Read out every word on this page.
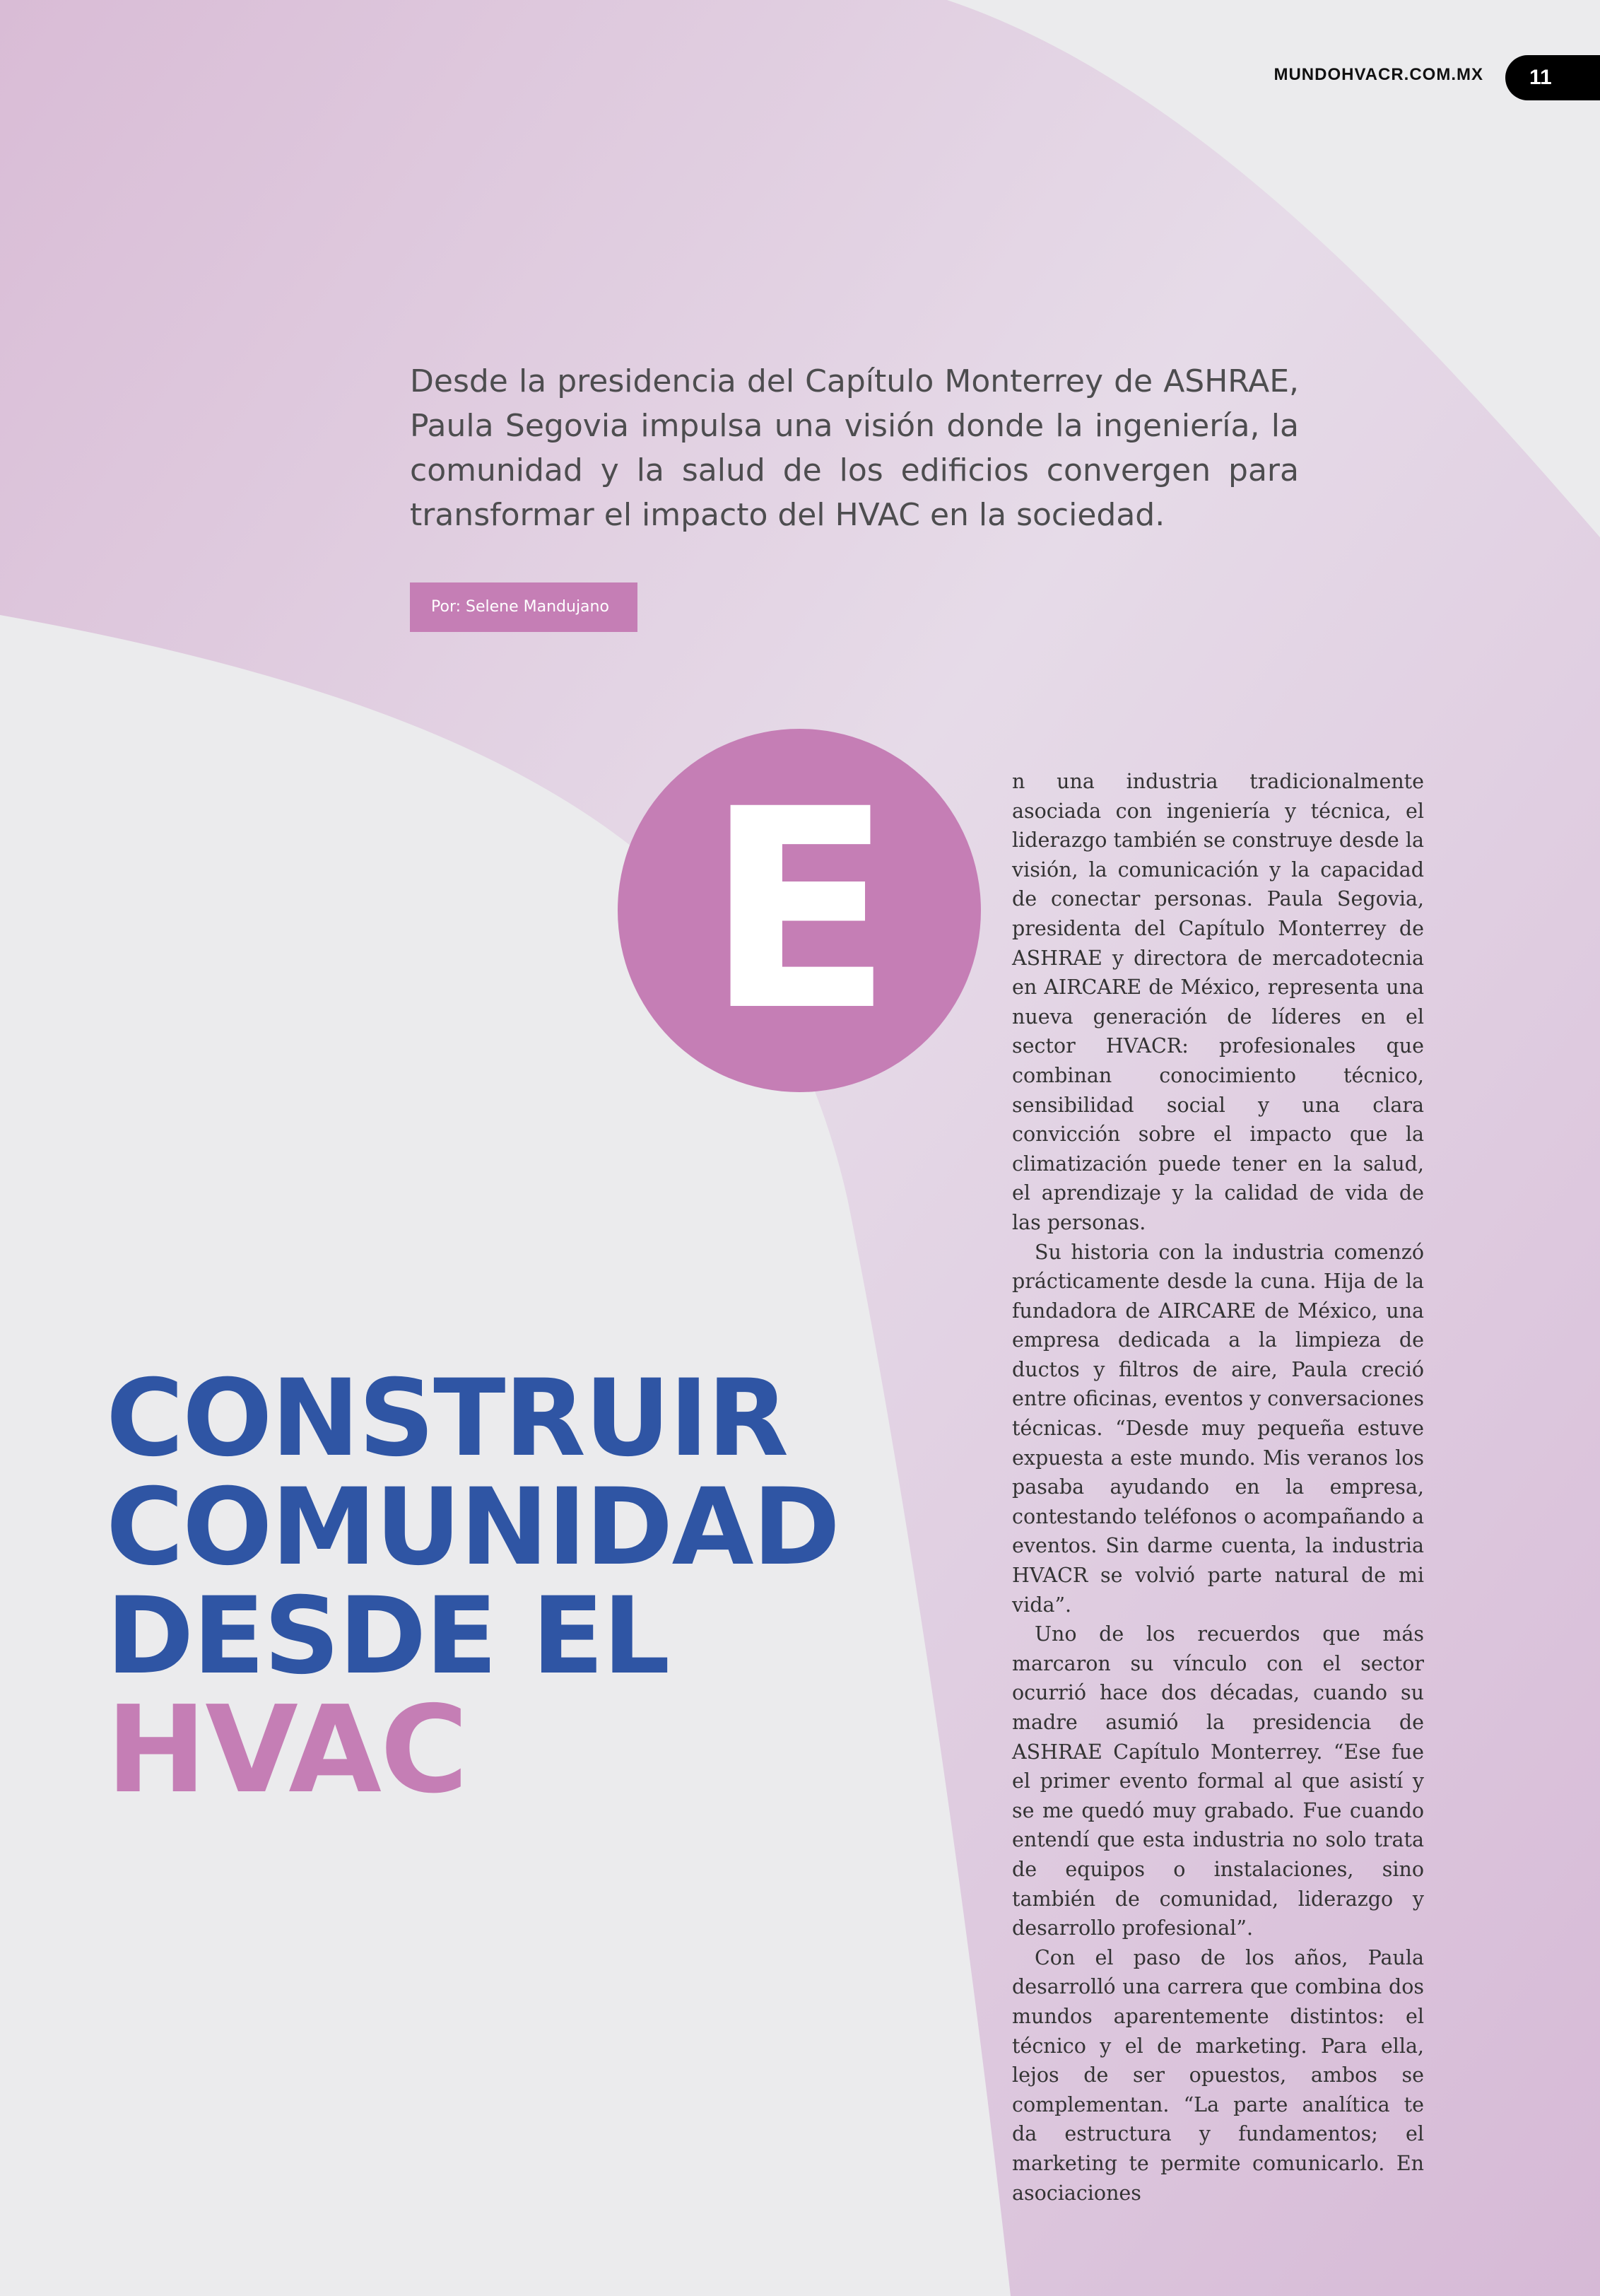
MUNDOHVACR.COM.MX	11

Desde la presidencia del Capítulo Monterrey de ASHRAE, Paula Segovia impulsa una visión donde la ingeniería, la comunidad y la salud de los edificios convergen para transformar el impacto del HVAC en la sociedad.

Por: Selene Mandujano
E	n una industria tradicionalmente asociada con ingeniería y técnica, el liderazgo también se construye desde la visión, la comunicación y la capacidad de conectar personas. Paula Segovia, presidenta del Capítulo Monterrey de ASHRAE y directora de mercadotecnia en AIRCARE de México, representa una nueva generación de líderes en el sector HVACR: profesionales que combinan conocimiento técnico, sensibilidad social y una clara convicción sobre el impacto que la climatización puede tener en la salud, el aprendizaje y la calidad de vida de las personas.

Su historia con la industria comenzó prácticamente desde la cuna. Hija de la fundadora de AIRCARE de México, una empresa dedicada a la limpieza de ductos y filtros de aire, Paula creció entre oficinas, eventos y conversaciones técnicas. “Desde muy pequeña estuve expuesta a este mundo. Mis veranos los pasaba ayudando en la empresa, contestando teléfonos o acompañando a eventos. Sin darme cuenta, la industria HVACR se volvió parte natural de mi vida”.

Uno de los recuerdos que más marcaron su vínculo con el sector ocurrió hace dos décadas, cuando su madre asumió la presidencia de ASHRAE Capítulo Monterrey. “Ese fue el primer evento formal al que asistí y se me quedó muy grabado. Fue cuando entendí que esta industria no solo trata de equipos o instalaciones, sino también de comunidad, liderazgo y desarrollo profesional”.

Con el paso de los años, Paula desarrolló una carrera que combina dos mundos aparentemente distintos: el técnico y el de marketing. Para ella, lejos de ser opuestos, ambos se complementan. “La parte analítica te da estructura y fundamentos; el marketing te permite comunicarlo. En asociaciones

CONSTRUIR
COMUNIDAD
DESDE EL
HVAC
